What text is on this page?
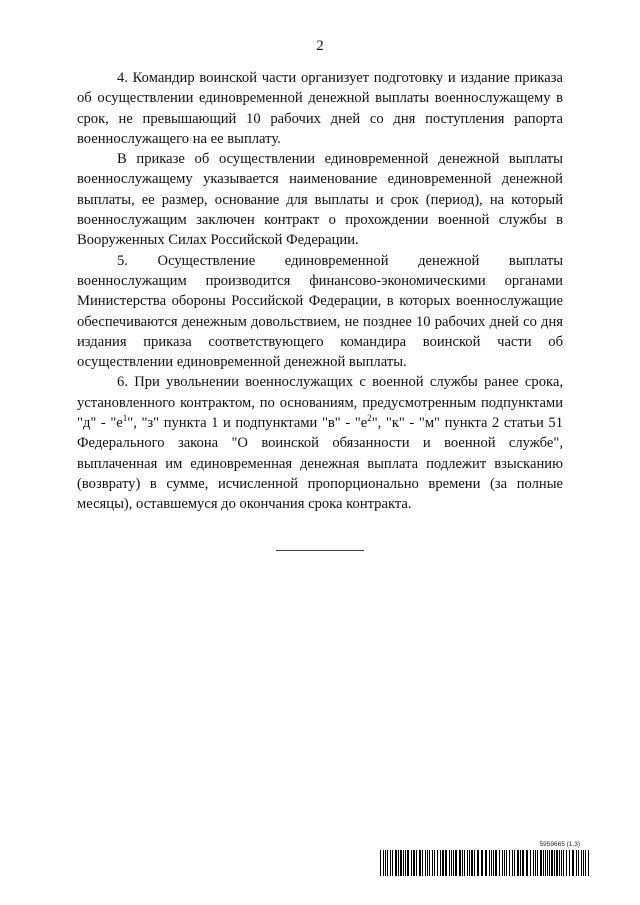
2

4. Командир воинской части организует подготовку и издание приказа об осуществлении единовременной денежной выплаты военнослужащему в срок, не превышающий 10 рабочих дней со дня поступления рапорта военнослужащего на ее выплату.

В приказе об осуществлении единовременной денежной выплаты военнослужащему указывается наименование единовременной денежной выплаты, ее размер, основание для выплаты и срок (период), на который военнослужащим заключен контракт о прохождении военной службы в Вооруженных Силах Российской Федерации.

5. Осуществление единовременной денежной выплаты военнослужащим производится финансово-экономическими органами Министерства обороны Российской Федерации, в которых военнослужащие обеспечиваются денежным довольствием, не позднее 10 рабочих дней со дня издания приказа соответствующего командира воинской части об осуществлении единовременной денежной выплаты.

6. При увольнении военнослужащих с военной службы ранее срока, установленного контрактом, по основаниям, предусмотренным подпунктами "д" - "$е^1$", "з" пункта 1 и подпунктами "в" - "$е^2$", "к" - "м" пункта 2 статьи 51 Федерального закона "О воинской обязанности и военной службе", выплаченная им единовременная денежная выплата подлежит взысканию (возврату) в сумме, исчисленной пропорционально времени (за полные месяцы), оставшемуся до окончания срока контракта.

5959665 (1.3)
